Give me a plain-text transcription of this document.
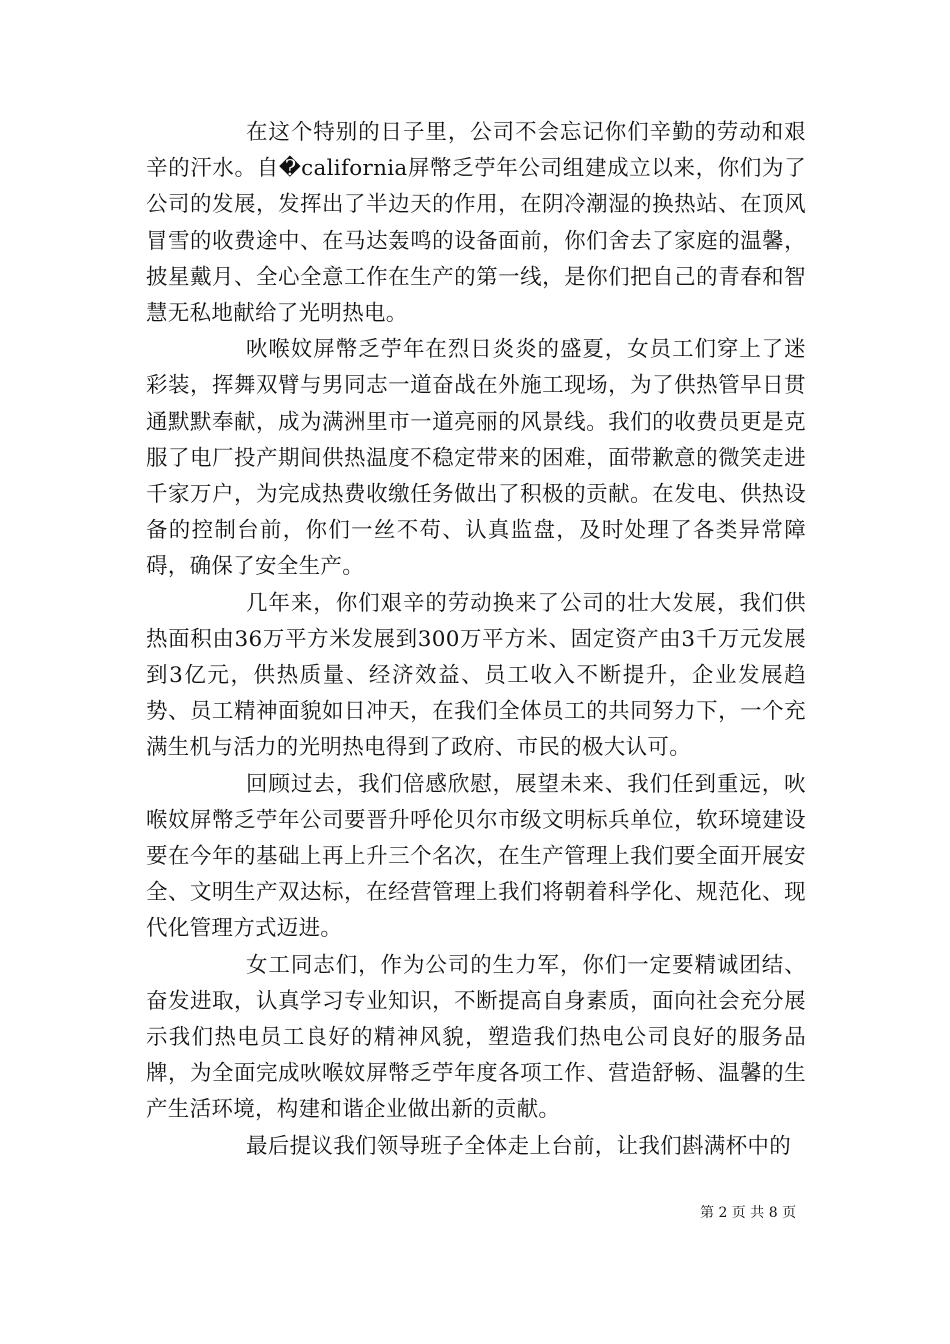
在这个特别的日子里，公司不会忘记你们辛勤的劳动和艰辛的汗水。自�california屏幣乏苧年公司组建成立以来，你们为了公司的发展，发挥出了半边天的作用，在阴冷潮湿的换热站、在顶风冒雪的收费途中、在马达轰鸣的设备面前，你们舍去了家庭的温馨，披星戴月、全心全意工作在生产的第一线，是你们把自己的青春和智慧无私地献给了光明热电。

吙喉妏屏幣乏苧年在烈日炎炎的盛夏，女员工们穿上了迷彩装，挥舞双臂与男同志一道奋战在外施工现场，为了供热管早日贯通默默奉献，成为满洲里市一道亮丽的风景线。我们的收费员更是克服了电厂投产期间供热温度不稳定带来的困难，面带歉意的微笑走进千家万户，为完成热费收缴任务做出了积极的贡献。在发电、供热设备的控制台前，你们一丝不苟、认真监盘，及时处理了各类异常障碍，确保了安全生产。

几年来，你们艰辛的劳动换来了公司的壮大发展，我们供热面积由36万平方米发展到300万平方米、固定资产由3千万元发展到3亿元，供热质量、经济效益、员工收入不断提升，企业发展趋势、员工精神面貌如日冲天，在我们全体员工的共同努力下，一个充满生机与活力的光明热电得到了政府、市民的极大认可。

回顾过去，我们倍感欣慰，展望未来、我们任到重远，吙喉妏屏幣乏苧年公司要晋升呼伦贝尔市级文明标兵单位，软环境建设要在今年的基础上再上升三个名次，在生产管理上我们要全面开展安全、文明生产双达标，在经营管理上我们将朝着科学化、规范化、现代化管理方式迈进。

女工同志们，作为公司的生力军，你们一定要精诚团结、奋发进取，认真学习专业知识，不断提高自身素质，面向社会充分展示我们热电员工良好的精神风貌，塑造我们热电公司良好的服务品牌，为全面完成吙喉妏屏幣乏苧年度各项工作、营造舒畅、温馨的生产生活环境，构建和谐企业做出新的贡献。

最后提议我们领导班子全体走上台前，让我们斟满杯中的

第 2 页 共 8 页
